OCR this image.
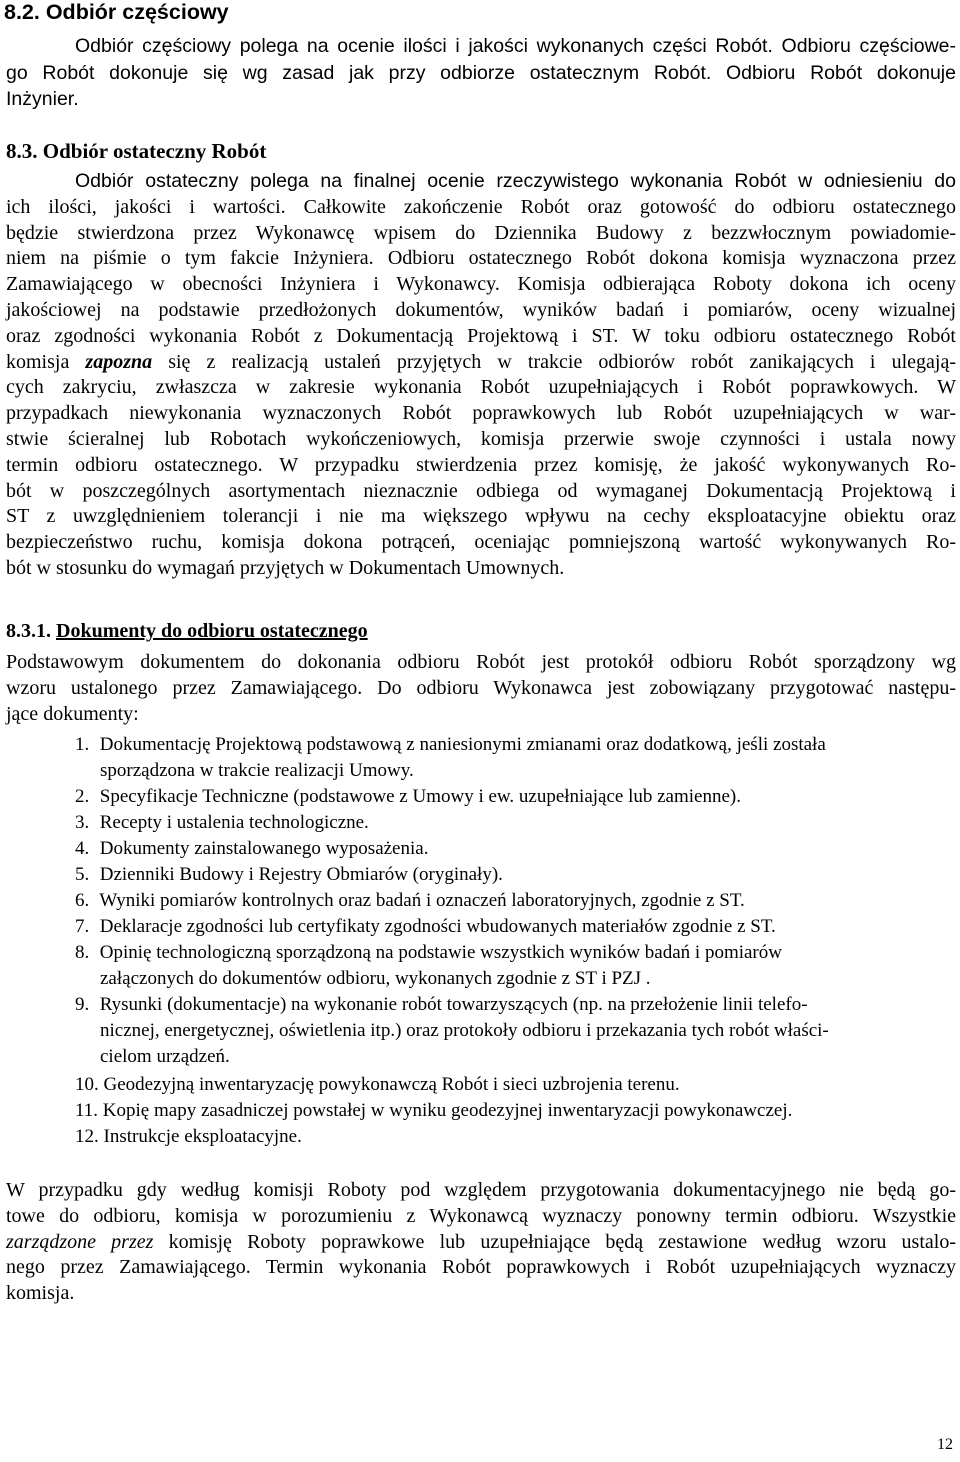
8.2. Odbiór częściowy
Odbiór częściowy polega na ocenie ilości i jakości wykonanych części Robót. Odbioru częściowe-
go Robót dokonuje się wg zasad jak przy odbiorze ostatecznym Robót. Odbioru Robót dokonuje
Inżynier.
8.3. Odbiór ostateczny Robót
Odbiór ostateczny polega na finalnej ocenie rzeczywistego wykonania Robót w odniesieniu do
ich ilości, jakości i wartości. Całkowite zakończenie Robót oraz gotowość do odbioru ostatecznego
będzie stwierdzona przez Wykonawcę wpisem do Dziennika Budowy z bezzwłocznym powiadomie-
niem na piśmie o tym fakcie Inżyniera. Odbioru ostatecznego Robót dokona komisja wyznaczona przez
Zamawiającego w obecności Inżyniera i Wykonawcy. Komisja odbierająca Roboty dokona ich oceny
jakościowej na podstawie przedłożonych dokumentów, wyników badań i pomiarów, oceny wizualnej
oraz zgodności wykonania Robót z Dokumentacją Projektową i ST. W toku odbioru ostatecznego Robót
komisja zapozna się z realizacją ustaleń przyjętych w trakcie odbiorów robót zanikających i ulegają-
cych zakryciu, zwłaszcza w zakresie wykonania Robót uzupełniających i Robót poprawkowych. W
przypadkach niewykonania wyznaczonych Robót poprawkowych lub Robót uzupełniających w war-
stwie ścieralnej lub Robotach wykończeniowych, komisja przerwie swoje czynności i ustala nowy
termin odbioru ostatecznego. W przypadku stwierdzenia przez komisję, że jakość wykonywanych Ro-
bót w poszczególnych asortymentach nieznacznie odbiega od wymaganej Dokumentacją Projektową i
ST z uwzględnieniem tolerancji i nie ma większego wpływu na cechy eksploatacyjne obiektu oraz
bezpieczeństwo ruchu, komisja dokona potrąceń, oceniając pomniejszoną wartość wykonywanych Ro-
bót w stosunku do wymagań przyjętych w Dokumentach Umownych.
8.3.1. Dokumenty do odbioru ostatecznego
Podstawowym dokumentem do dokonania odbioru Robót jest protokół odbioru Robót sporządzony wg
wzoru ustalonego przez Zamawiającego. Do odbioru Wykonawca jest zobowiązany przygotować następu-
jące dokumenty:
1. Dokumentację Projektową podstawową z naniesionymi zmianami oraz dodatkową, jeśli została
sporządzona w trakcie realizacji Umowy.
2. Specyfikacje Techniczne (podstawowe z Umowy i ew. uzupełniające lub zamienne).
3. Recepty i ustalenia technologiczne.
4. Dokumenty zainstalowanego wyposażenia.
5. Dzienniki Budowy i Rejestry Obmiarów (oryginały).
6. Wyniki pomiarów kontrolnych oraz badań i oznaczeń laboratoryjnych, zgodnie z ST.
7. Deklaracje zgodności lub certyfikaty zgodności wbudowanych materiałów zgodnie z ST.
8. Opinię technologiczną sporządzoną na podstawie wszystkich wyników badań i pomiarów
załączonych do dokumentów odbioru, wykonanych zgodnie z ST i PZJ .
9. Rysunki (dokumentacje) na wykonanie robót towarzyszących (np. na przełożenie linii telefo-
nicznej, energetycznej, oświetlenia itp.) oraz protokoły odbioru i przekazania tych robót właści-
cielom urządzeń.
10. Geodezyjną inwentaryzację powykonawczą Robót i sieci uzbrojenia terenu.
11. Kopię mapy zasadniczej powstałej w wyniku geodezyjnej inwentaryzacji powykonawczej.
12. Instrukcje eksploatacyjne.
W przypadku gdy według komisji Roboty pod względem przygotowania dokumentacyjnego nie będą go-
towe do odbioru, komisja w porozumieniu z Wykonawcą wyznaczy ponowny termin odbioru. Wszystkie
zarządzone przez komisję Roboty poprawkowe lub uzupełniające będą zestawione według wzoru ustalo-
nego przez Zamawiającego. Termin wykonania Robót poprawkowych i Robót uzupełniających wyznaczy
komisja.
12
